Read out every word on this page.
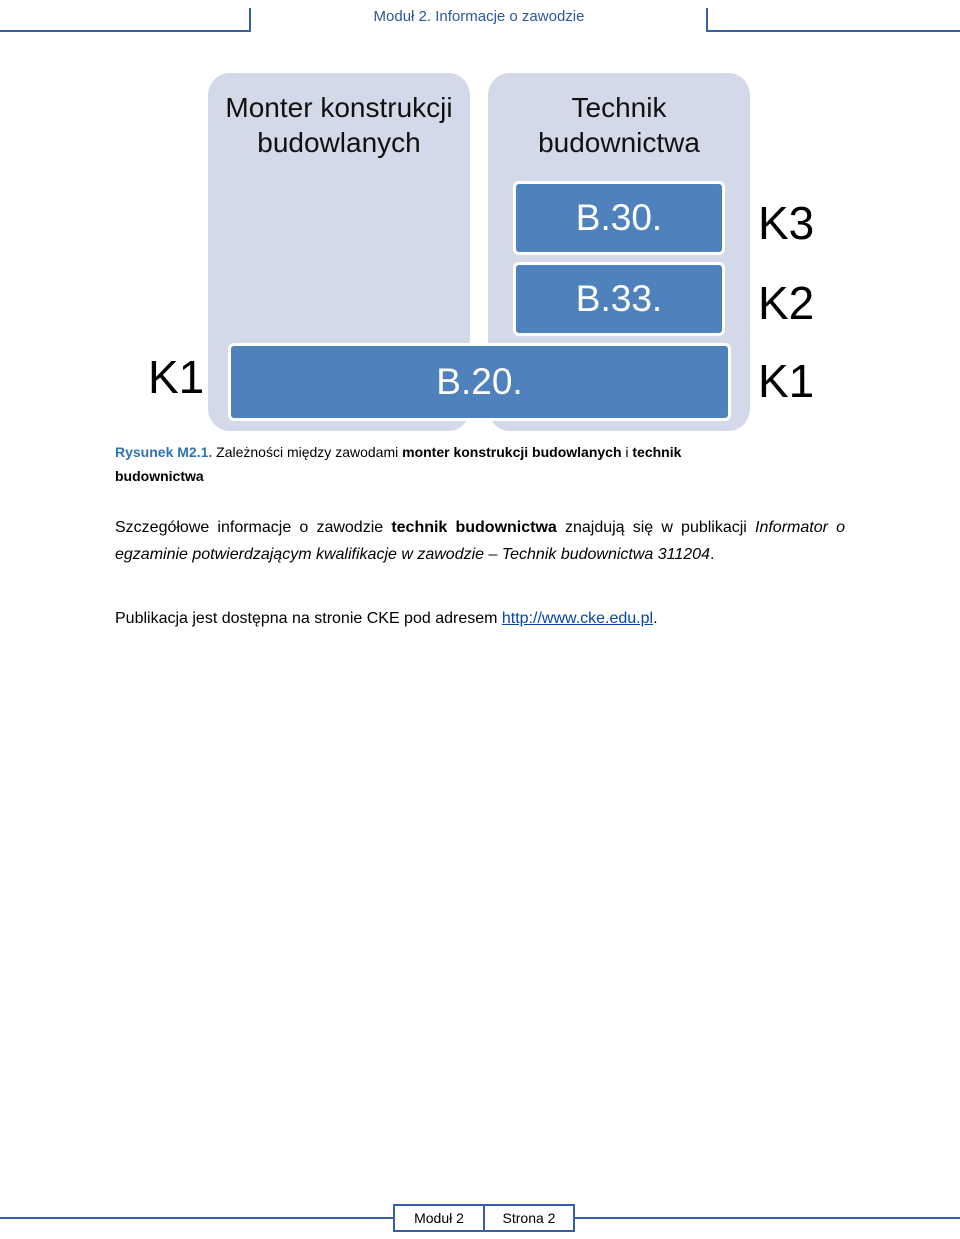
Moduł 2. Informacje o zawodzie
Monter konstrukcji budowlanych
Technik budownictwa
B.30.
B.33.
B.20.
K1
K3
K2
K1
Rysunek M2.1. Zależności między zawodami monter konstrukcji budowlanych i technik budownictwa
Szczegółowe informacje o zawodzie technik budownictwa znajdują się w publikacji Informator o egzaminie potwierdzającym kwalifikacje w zawodzie – Technik budownictwa 311204.
Publikacja jest dostępna na stronie CKE pod adresem http://www.cke.edu.pl.
Moduł 2	Strona 2
